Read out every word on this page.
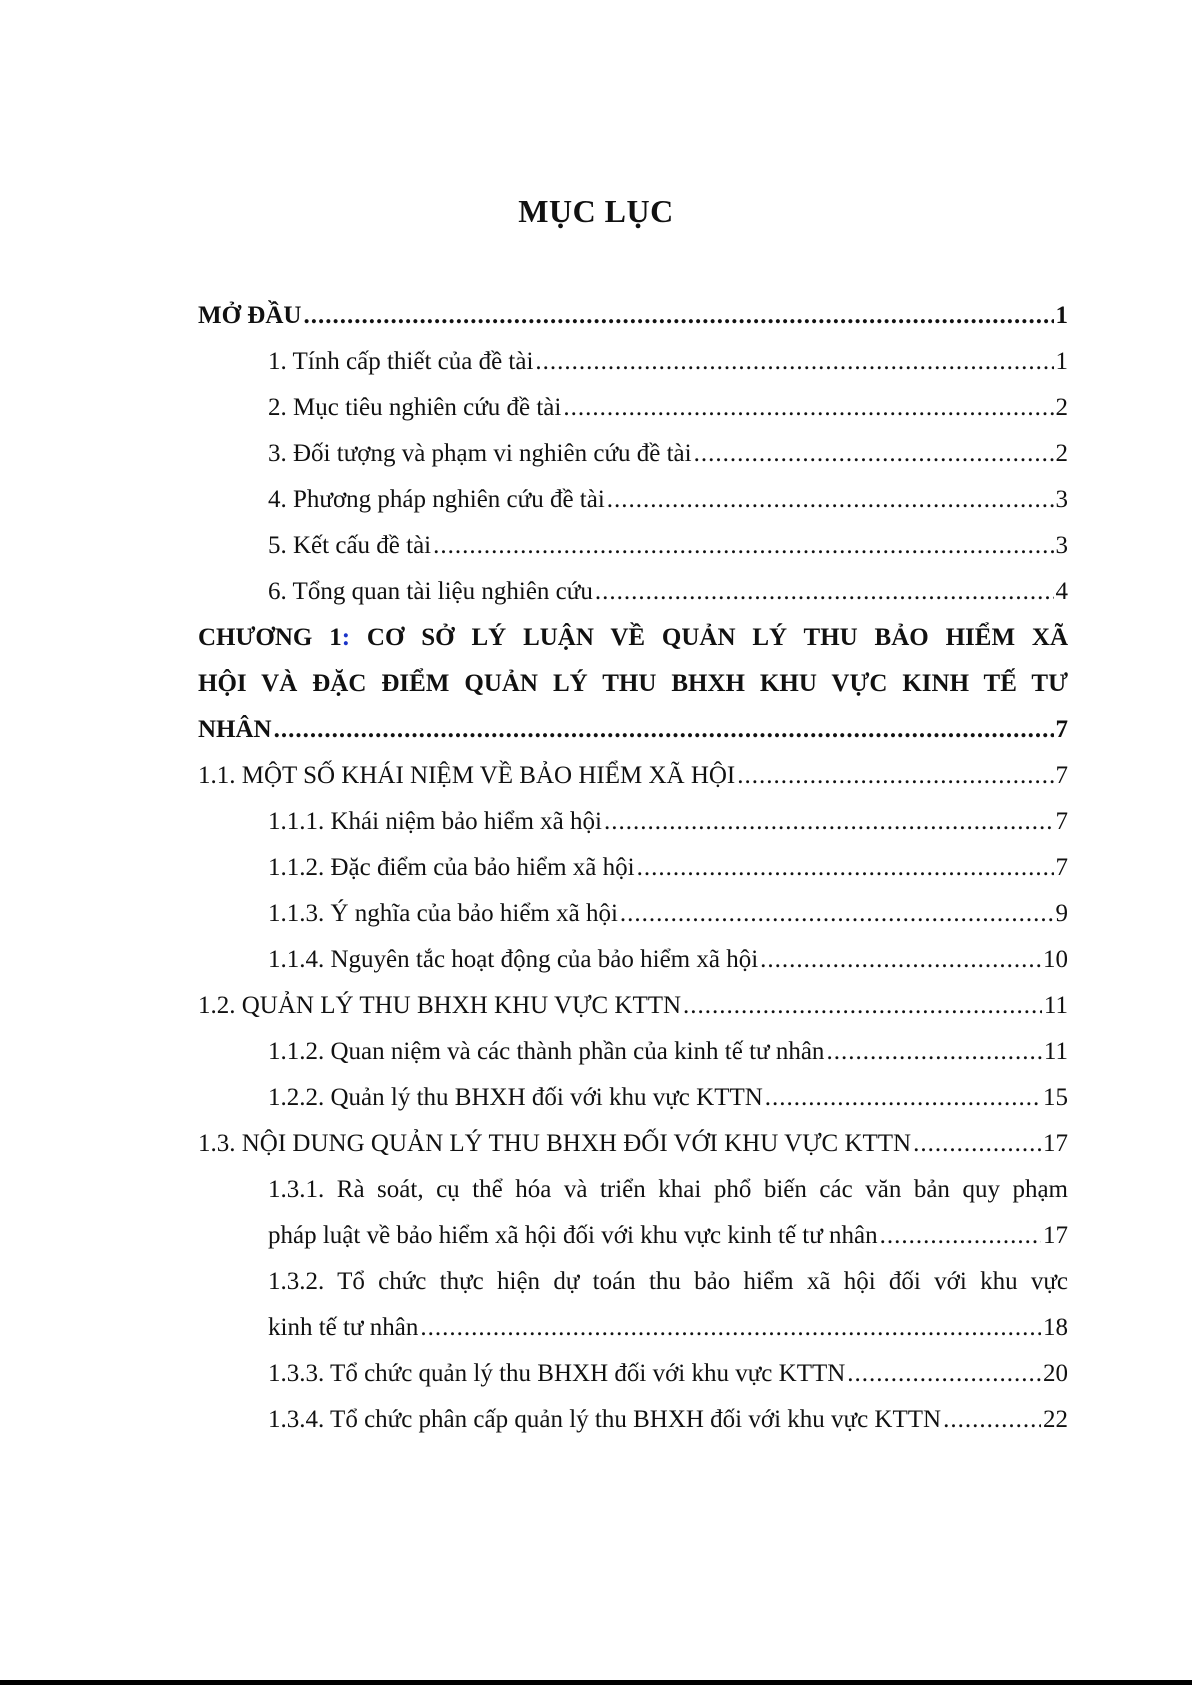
MỤC LỤC
MỞ ĐẦU .....	1
1. Tính cấp thiết của đề tài .....	1
2. Mục tiêu nghiên cứu đề tài .....	2
3. Đối tượng và phạm vi nghiên cứu đề tài .....	2
4. Phương pháp nghiên cứu đề tài .....	3
5. Kết cấu đề tài .....	3
6. Tổng quan tài liệu nghiên cứu .....	4
CHƯƠNG 1: CƠ SỞ LÝ LUẬN VỀ QUẢN LÝ THU BẢO HIỂM XÃ
HỘI VÀ ĐẶC ĐIỂM QUẢN LÝ THU BHXH KHU VỰC KINH TẾ TƯ
NHÂN .....	7
1.1. MỘT SỐ KHÁI NIỆM VỀ BẢO HIỂM XÃ HỘI .....	7
1.1.1. Khái niệm bảo hiểm xã hội .....	7
1.1.2. Đặc điểm của bảo hiểm xã hội .....	7
1.1.3. Ý nghĩa của bảo hiểm xã hội .....	9
1.1.4. Nguyên tắc hoạt động của bảo hiểm xã hội .....	10
1.2. QUẢN LÝ THU BHXH KHU VỰC KTTN .....	11
1.1.2. Quan niệm và các thành phần của kinh tế tư nhân .....	11
1.2.2. Quản lý thu BHXH đối với khu vực KTTN .....	15
1.3. NỘI DUNG QUẢN LÝ THU BHXH ĐỐI VỚI KHU VỰC KTTN .....	17
1.3.1. Rà soát, cụ thể hóa và triển khai phổ biến các văn bản quy phạm
pháp luật về bảo hiểm xã hội đối với khu vực kinh tế tư nhân .....	17
1.3.2. Tổ chức thực hiện dự toán thu bảo hiểm xã hội đối với khu vực
kinh tế tư nhân .....	18
1.3.3. Tổ chức quản lý thu BHXH đối với khu vực KTTN .....	20
1.3.4. Tổ chức phân cấp quản lý thu BHXH đối với khu vực KTTN .....	22
